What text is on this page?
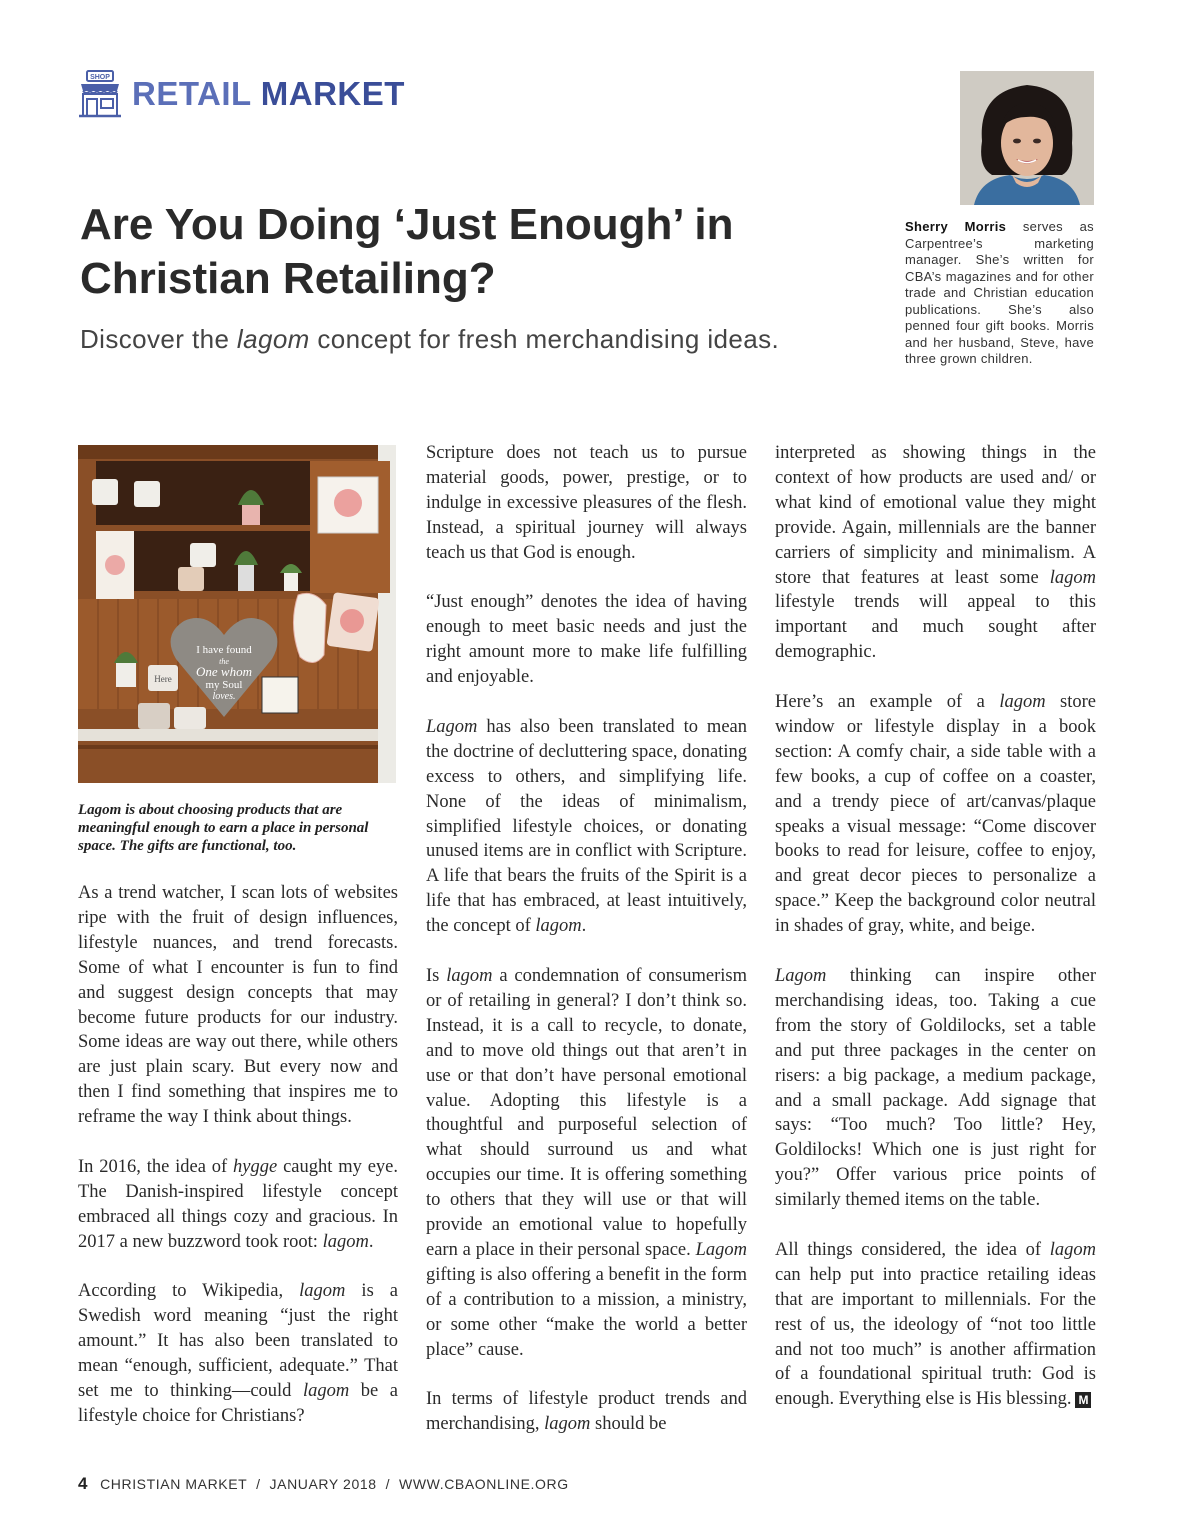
SHOP RETAIL MARKET
Sherry Morris serves as Carpentree’s marketing manager. She’s written for CBA’s magazines and for other trade and Christian education publications. She’s also penned four gift books. Morris and her husband, Steve, have three grown children.
Are You Doing ‘Just Enough’ in Christian Retailing?
Discover the lagom concept for fresh merchandising ideas.
I have found
the
One whom
my Soul
loves.
Here
Lagom is about choosing products that are meaningful enough to earn a place in personal space. The gifts are functional, too.

As a trend watcher, I scan lots of websites ripe with the fruit of design influences, lifestyle nuances, and trend forecasts. Some of what I encounter is fun to find and suggest design concepts that may become future products for our industry. Some ideas are way out there, while others are just plain scary. But every now and then I find something that inspires me to reframe the way I think about things.

In 2016, the idea of hygge caught my eye. The Danish-inspired lifestyle concept embraced all things cozy and gracious. In 2017 a new buzzword took root: lagom.

According to Wikipedia, lagom is a Swedish word meaning “just the right amount.” It has also been translated to mean “enough, sufficient, adequate.” That set me to thinking—could lagom be a lifestyle choice for Christians?

Scripture does not teach us to pursue material goods, power, prestige, or to indulge in excessive pleasures of the flesh. Instead, a spiritual journey will always teach us that God is enough.

“Just enough” denotes the idea of having enough to meet basic needs and just the right amount more to make life fulfilling and enjoyable.

Lagom has also been translated to mean the doctrine of decluttering space, donating excess to others, and simplifying life. None of the ideas of minimalism, simplified lifestyle choices, or donating unused items are in conflict with Scripture. A life that bears the fruits of the Spirit is a life that has embraced, at least intuitively, the concept of lagom.

Is lagom a condemnation of consumerism or of retailing in general? I don’t think so. Instead, it is a call to recycle, to donate, and to move old things out that aren’t in use or that don’t have personal emotional value. Adopting this lifestyle is a thoughtful and purposeful selection of what should surround us and what occupies our time. It is offering something to others that they will use or that will provide an emotional value to hopefully earn a place in their personal space. Lagom gifting is also offering a benefit in the form of a contribution to a mission, a ministry, or some other “make the world a better place” cause.

In terms of lifestyle product trends and merchandising, lagom should be

interpreted as showing things in the context of how products are used and/ or what kind of emotional value they might provide. Again, millennials are the banner carriers of simplicity and minimalism. A store that features at least some lagom lifestyle trends will appeal to this important and much sought after demographic.

Here’s an example of a lagom store window or lifestyle display in a book section: A comfy chair, a side table with a few books, a cup of coffee on a coaster, and a trendy piece of art/canvas/plaque speaks a visual message: “Come discover books to read for leisure, coffee to enjoy, and great decor pieces to personalize a space.” Keep the background color neutral in shades of gray, white, and beige.

Lagom thinking can inspire other merchandising ideas, too. Taking a cue from the story of Goldilocks, set a table and put three packages in the center on risers: a big package, a medium package, and a small package. Add signage that says: “Too much? Too little? Hey, Goldilocks! Which one is just right for you?” Offer various price points of similarly themed items on the table.

All things considered, the idea of lagom can help put into practice retailing ideas that are important to millennials. For the rest of us, the ideology of “not too little and not too much” is another affirmation of a foundational spiritual truth: God is enough. Everything else is His blessing. M

4 CHRISTIAN MARKET  /  JANUARY 2018  /  WWW.CBAONLINE.ORG
